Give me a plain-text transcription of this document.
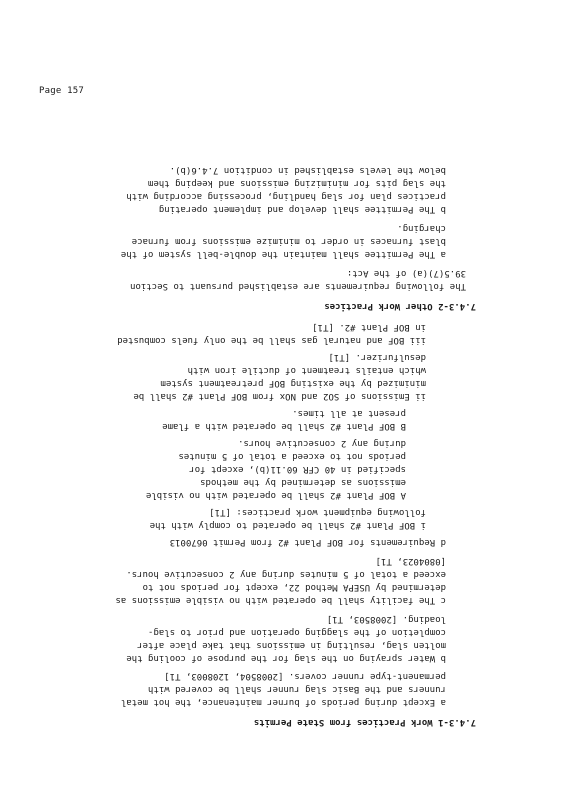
Page 157
7.4.3-1 Work Practices from State Permits
a Except during periods of burner maintenance, the hot metal
runners and the Basic slag runner shall be covered with
permanent-type runner covers. [2008504, 1208003, T1]
b Water spraying on the slag for the purpose of cooling the
molten slag, resulting in emissions that take place after
completion of the slagging operation and prior to slag-
loading. [2008503, T1]
c The facility shall be operated with no visible emissions as
determined by USEPA Method 22, except for periods not to
exceed a total of 5 minutes during any 2 consecutive hours.
[0804023, T1]
d Requirements for BOF Plant #2 from Permit 0670013
i BOF Plant #2 shall be operated to comply with the
following equipment work practices: [T1]
A BOF Plant #2 shall be operated with no visible
emissions as determined by the methods
specified in 40 CFR 60.11(b), except for
periods not to exceed a total of 5 minutes
during any 2 consecutive hours.
B BOF Plant #2 shall be operated with a flame
present at all times.
ii Emissions of SO2 and NOx from BOF Plant #2 shall be
minimized by the existing BOF pretreatment system
which entails treatment of ductile iron with
desulfurizer. [T1]
iii BOF and natural gas shall be the only fuels combusted
in BOF Plant #2. [T1]
7.4.3-2 Other Work Practices
The following requirements are established pursuant to Section
39.5(7)(a) of the Act:
a The Permittee shall maintain the double-bell system of the
blast furnaces in order to minimize emissions from furnace
charging.
b The Permittee shall develop and implement operating
practices plan for slag handling, processing according with
the slag pits for minimizing emissions and keeping them
below the levels established in condition 7.4.6(b).
